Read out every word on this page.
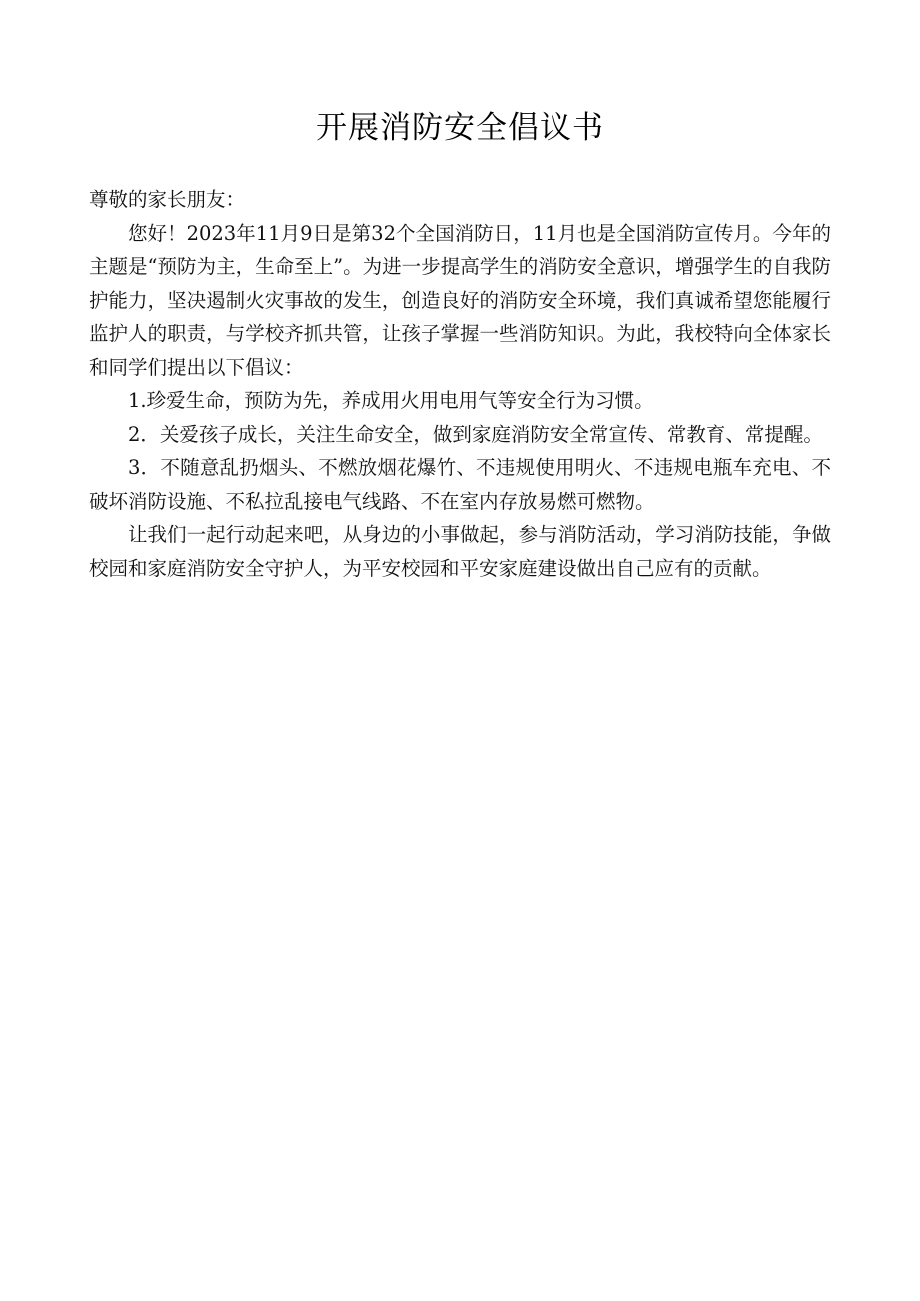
开展消防安全倡议书

尊敬的家长朋友：

您好！2023年11月9日是第32个全国消防日，11月也是全国消防宣传月。今年的主题是“预防为主，生命至上”。为进一步提高学生的消防安全意识，增强学生的自我防护能力，坚决遏制火灾事故的发生，创造良好的消防安全环境，我们真诚希望您能履行监护人的职责，与学校齐抓共管，让孩子掌握一些消防知识。为此，我校特向全体家长和同学们提出以下倡议：

1.珍爱生命，预防为先，养成用火用电用气等安全行为习惯。

2．关爱孩子成长，关注生命安全，做到家庭消防安全常宣传、常教育、常提醒。

3．不随意乱扔烟头、不燃放烟花爆竹、不违规使用明火、不违规电瓶车充电、不破坏消防设施、不私拉乱接电气线路、不在室内存放易燃可燃物。

让我们一起行动起来吧，从身边的小事做起，参与消防活动，学习消防技能，争做校园和家庭消防安全守护人，为平安校园和平安家庭建设做出自己应有的贡献。
